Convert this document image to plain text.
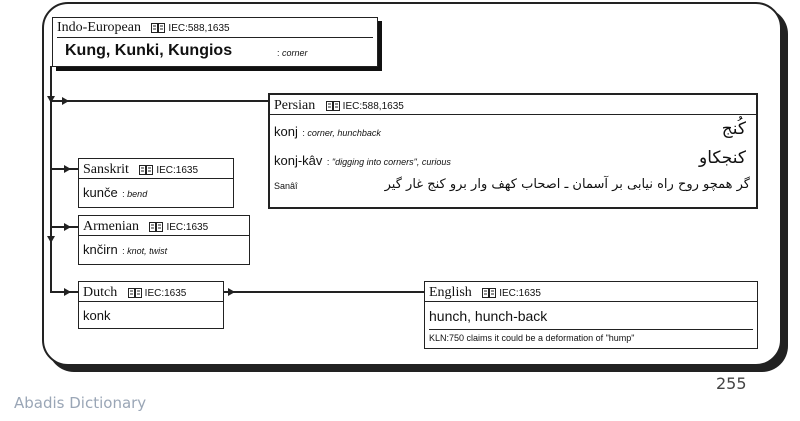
Indo-European	IEC:588,1635
Kung, Kunki, Kungios	: corner
Persian	IEC:588,1635
konj : corner, hunchback	کُنج
konj-kâv : "digging into corners", curious	کنجکاو
Sanâî	گر همچو روح راه نیابی بر آسمان ـ اصحاب کهف وار برو کنج غار گیر
Sanskrit	IEC:1635
kunče : bend
Armenian	IEC:1635
knčirn : knot, twist
Dutch	IEC:1635
konk
English	IEC:1635
hunch, hunch-back
KLN:750 claims it could be a deformation of "hump"
255
Abadis Dictionary
